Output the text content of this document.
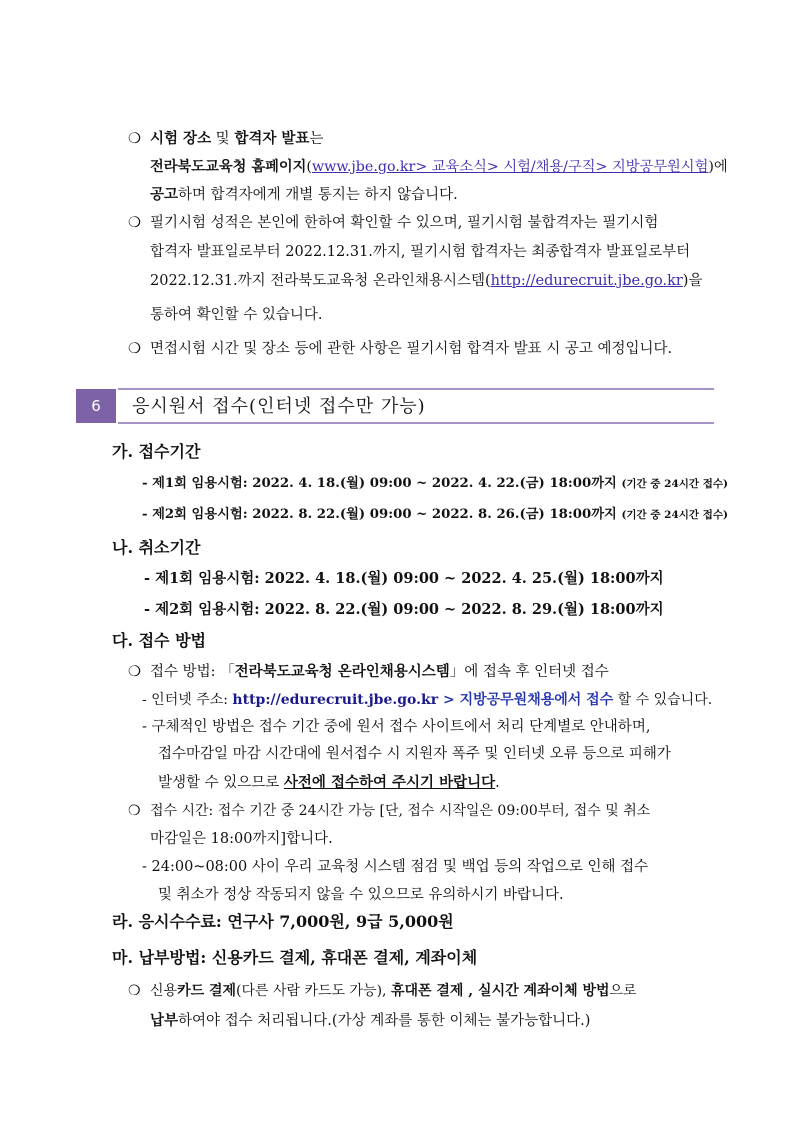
❍ 시험 장소 및 합격자 발표는
전라북도교육청 홈페이지(www.jbe.go.kr> 교육소식> 시험/채용/구직> 지방공무원시험)에
공고하며 합격자에게 개별 통지는 하지 않습니다.
❍ 필기시험 성적은 본인에 한하여 확인할 수 있으며, 필기시험 불합격자는 필기시험
합격자 발표일로부터 2022.12.31.까지, 필기시험 합격자는 최종합격자 발표일로부터
2022.12.31.까지 전라북도교육청 온라인채용시스템(http://edurecruit.jbe.go.kr)을
통하여 확인할 수 있습니다.
❍ 면접시험 시간 및 장소 등에 관한 사항은 필기시험 합격자 발표 시 공고 예정입니다.
6	응시원서 접수(인터넷 접수만 가능)
가. 접수기간
- 제1회 임용시험: 2022. 4. 18.(월) 09:00 ~ 2022. 4. 22.(금) 18:00까지 (기간 중 24시간 접수)
- 제2회 임용시험: 2022. 8. 22.(월) 09:00 ~ 2022. 8. 26.(금) 18:00까지 (기간 중 24시간 접수)
나. 취소기간
- 제1회 임용시험: 2022. 4. 18.(월) 09:00 ~ 2022. 4. 25.(월) 18:00까지
- 제2회 임용시험: 2022. 8. 22.(월) 09:00 ~ 2022. 8. 29.(월) 18:00까지
다. 접수 방법
❍ 접수 방법: 「전라북도교육청 온라인채용시스템」에 접속 후 인터넷 접수
- 인터넷 주소: http://edurecruit.jbe.go.kr > 지방공무원채용에서 접수 할 수 있습니다.
- 구체적인 방법은 접수 기간 중에 원서 접수 사이트에서 처리 단계별로 안내하며,
접수마감일 마감 시간대에 원서접수 시 지원자 폭주 및 인터넷 오류 등으로 피해가
발생할 수 있으므로 사전에 접수하여 주시기 바랍니다.
❍ 접수 시간: 접수 기간 중 24시간 가능 [단, 접수 시작일은 09:00부터, 접수 및 취소
마감일은 18:00까지]합니다.
- 24:00~08:00 사이 우리 교육청 시스템 점검 및 백업 등의 작업으로 인해 접수
및 취소가 정상 작동되지 않을 수 있으므로 유의하시기 바랍니다.
라. 응시수수료: 연구사 7,000원, 9급 5,000원
마. 납부방법: 신용카드 결제, 휴대폰 결제, 계좌이체
❍ 신용카드 결제(다른 사람 카드도 가능), 휴대폰 결제 , 실시간 계좌이체 방법으로
납부하여야 접수 처리됩니다.(가상 계좌를 통한 이체는 불가능합니다.)
